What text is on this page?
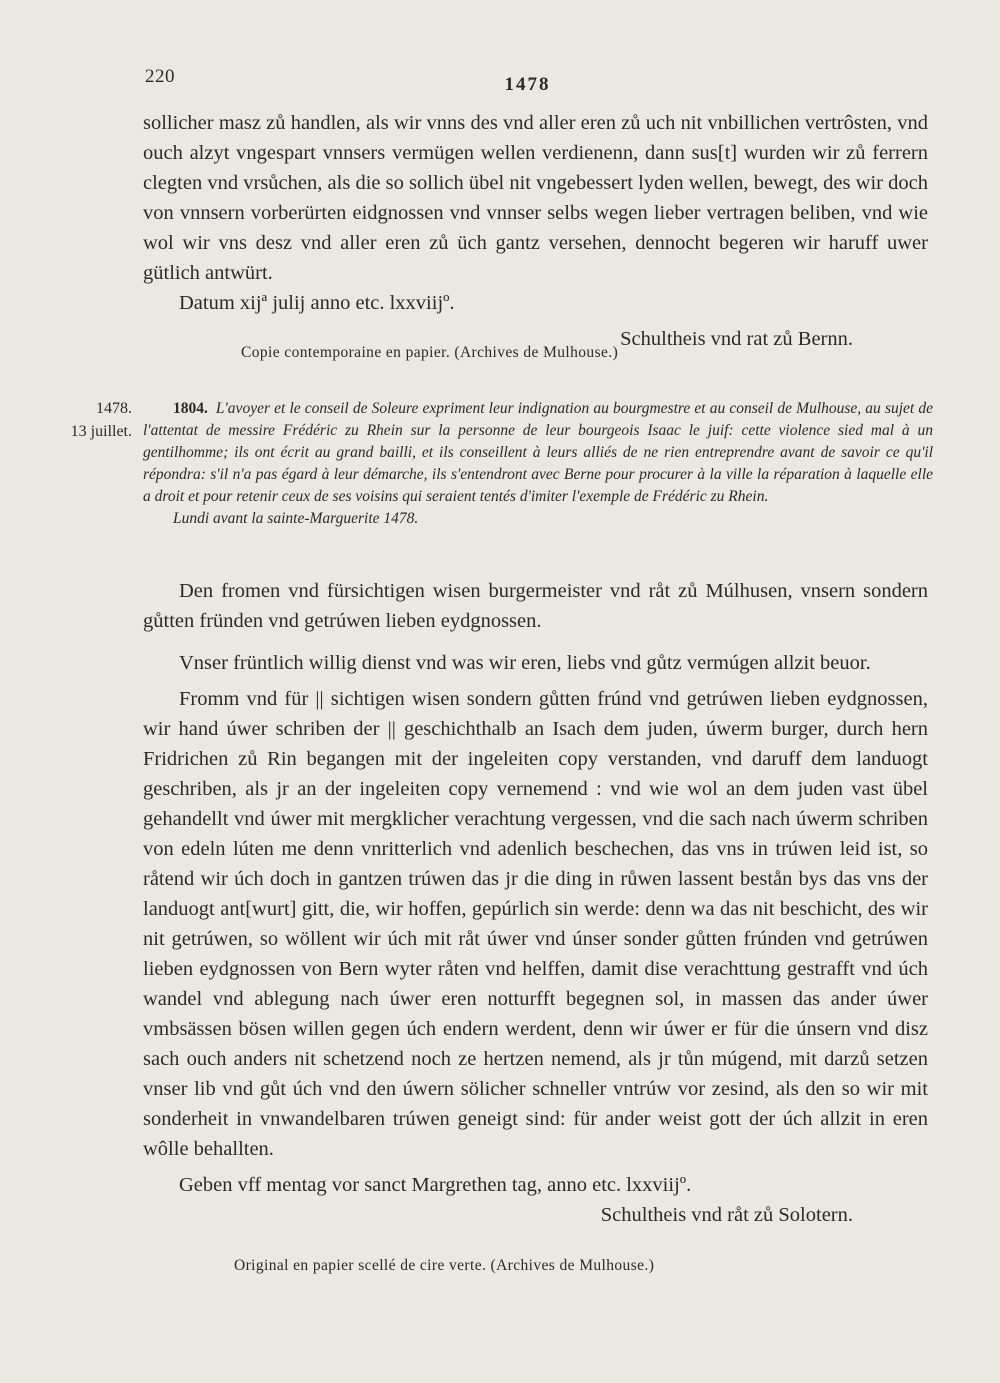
220	1478

sollicher masz zů handlen, als wir vnns des vnd aller eren zů uch nit vnbillichen vertrôsten, vnd ouch alzyt vngespart vnnsers vermügen wellen verdienenn, dann sus[t] wurden wir zů ferrern clegten vnd vrsůchen, als die so sollich übel nit vngebessert lyden wellen, bewegt, des wir doch von vnnsern vorberürten eidgnossen vnd vnnser selbs wegen lieber vertragen beliben, vnd wie wol wir vns desz vnd aller eren zů üch gantz versehen, dennocht begeren wir haruff uwer gütlich antwürt.

Datum xijª julij anno etc. lxxviijº.

Schultheis vnd rat zů Bernn.

Copie contemporaine en papier. (Archives de Mulhouse.)
1478.
13 juillet.
1804. L'avoyer et le conseil de Soleure expriment leur indignation au bourgmestre et au conseil de Mulhouse, au sujet de l'attentat de messire Frédéric zu Rhein sur la personne de leur bourgeois Isaac le juif: cette violence sied mal à un gentilhomme; ils ont écrit au grand bailli, et ils conseillent à leurs alliés de ne rien entreprendre avant de savoir ce qu'il répondra: s'il n'a pas égard à leur démarche, ils s'entendront avec Berne pour procurer à la ville la réparation à laquelle elle a droit et pour retenir ceux de ses voisins qui seraient tentés d'imiter l'exemple de Frédéric zu Rhein.
Lundi avant la sainte-Marguerite 1478.

Den fromen vnd fürsichtigen wisen burgermeister vnd råt zů Múlhusen, vnsern sondern gůtten fründen vnd getrúwen lieben eydgnossen.

Vnser früntlich willig dienst vnd was wir eren, liebs vnd gůtz vermúgen allzit beuor.

Fromm vnd für || sichtigen wisen sondern gůtten frúnd vnd getrúwen lieben eydgnossen, wir hand úwer schriben der || geschichthalb an Isach dem juden, úwerm burger, durch hern Fridrichen zů Rin begangen mit der ingeleiten copy verstanden, vnd daruff dem landuogt geschriben, als jr an der ingeleiten copy vernemend : vnd wie wol an dem juden vast übel gehandellt vnd úwer mit mergklicher verachtung vergessen, vnd die sach nach úwerm schriben von edeln lúten me denn vnritterlich vnd adenlich beschechen, das vns in trúwen leid ist, so råtend wir úch doch in gantzen trúwen das jr die ding in růwen lassent bestån bys das vns der landuogt ant[wurt] gitt, die, wir hoffen, gepúrlich sin werde: denn wa das nit beschicht, des wir nit getrúwen, so wöllent wir úch mit råt úwer vnd únser sonder gůtten frúnden vnd getrúwen lieben eydgnossen von Bern wyter råten vnd helffen, damit dise verachttung gestrafft vnd úch wandel vnd ablegung nach úwer eren notturfft begegnen sol, in massen das ander úwer vmbsässen bösen willen gegen úch endern werdent, denn wir úwer er für die únsern vnd disz sach ouch anders nit schetzend noch ze hertzen nemend, als jr tůn múgend, mit darzů setzen vnser lib vnd gůt úch vnd den úwern sölicher schneller vntrúw vor zesind, als den so wir mit sonderheit in vnwandelbaren trúwen geneigt sind: für ander weist gott der úch allzit in eren wôlle behallten.

Geben vff mentag vor sanct Margrethen tag, anno etc. lxxviijº.

Schultheis vnd råt zů Solotern.

Original en papier scellé de cire verte. (Archives de Mulhouse.)
